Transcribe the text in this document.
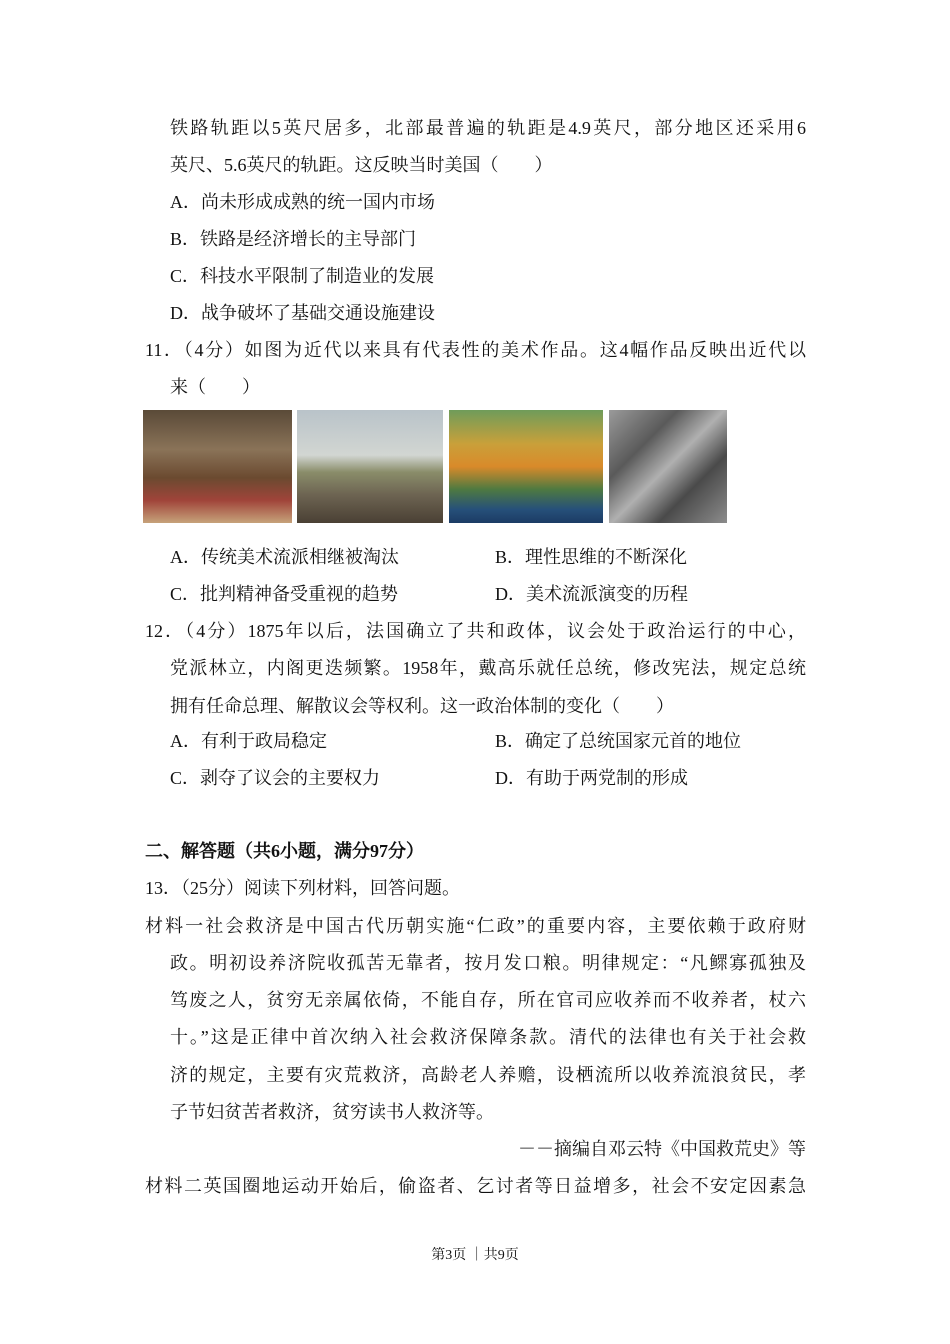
铁路轨距以5英尺居多，北部最普遍的轨距是4.9英尺，部分地区还采用6
英尺、5.6英尺的轨距。这反映当时美国（　　）
A．尚未形成成熟的统一国内市场
B．铁路是经济增长的主导部门
C．科技水平限制了制造业的发展
D．战争破坏了基础交通设施建设
11．（4分）如图为近代以来具有代表性的美术作品。这4幅作品反映出近代以
来（　　）
A．传统美术流派相继被淘汰	B．理性思维的不断深化
C．批判精神备受重视的趋势	D．美术流派演变的历程
12．（4分）1875年以后，法国确立了共和政体，议会处于政治运行的中心，
党派林立，内阁更迭频繁。1958年，戴高乐就任总统，修改宪法，规定总统
拥有任命总理、解散议会等权利。这一政治体制的变化（　　）
A．有利于政局稳定	B．确定了总统国家元首的地位
C．剥夺了议会的主要权力	D．有助于两党制的形成
二、解答题（共6小题，满分97分）
13．（25分）阅读下列材料，回答问题。
材料一社会救济是中国古代历朝实施“仁政”的重要内容，主要依赖于政府财
政。明初设养济院收孤苦无靠者，按月发口粮。明律规定：“凡鳏寡孤独及
笃废之人，贫穷无亲属依倚，不能自存，所在官司应收养而不收养者，杖六
十。”这是正律中首次纳入社会救济保障条款。清代的法律也有关于社会救
济的规定，主要有灾荒救济，高龄老人养赡，设栖流所以收养流浪贫民，孝
子节妇贫苦者救济，贫穷读书人救济等。
－－摘编自邓云特《中国救荒史》等
材料二英国圈地运动开始后，偷盗者、乞讨者等日益增多，社会不安定因素急
第3页 ｜共9页
